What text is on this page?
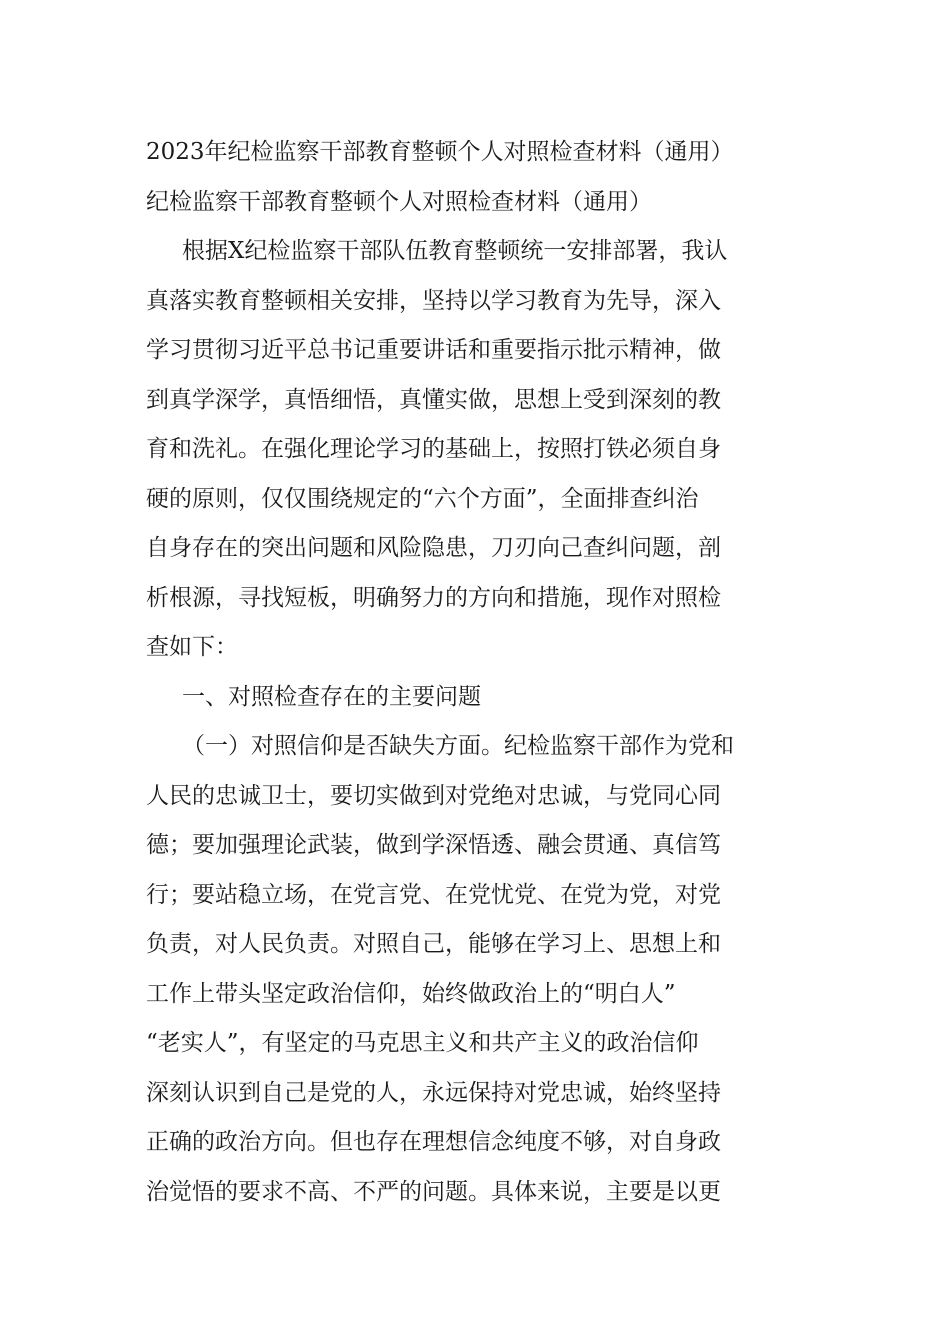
2023年纪检监察干部教育整顿个人对照检查材料（通用）
纪检监察干部教育整顿个人对照检查材料（通用）
根据X纪检监察干部队伍教育整顿统一安排部署，我认
真落实教育整顿相关安排，坚持以学习教育为先导，深入
学习贯彻习近平总书记重要讲话和重要指示批示精神，做
到真学深学，真悟细悟，真懂实做，思想上受到深刻的教
育和洗礼。在强化理论学习的基础上，按照打铁必须自身
硬的原则，仅仅围绕规定的“六个方面”，全面排查纠治
自身存在的突出问题和风险隐患，刀刃向己查纠问题，剖
析根源，寻找短板，明确努力的方向和措施，现作对照检
查如下：
一、对照检查存在的主要问题
（一）对照信仰是否缺失方面。纪检监察干部作为党和
人民的忠诚卫士，要切实做到对党绝对忠诚，与党同心同
德；要加强理论武装，做到学深悟透、融会贯通、真信笃
行；要站稳立场，在党言党、在党忧党、在党为党，对党
负责，对人民负责。对照自己，能够在学习上、思想上和
工作上带头坚定政治信仰，始终做政治上的“明白人”
“老实人”，有坚定的马克思主义和共产主义的政治信仰
深刻认识到自己是党的人，永远保持对党忠诚，始终坚持
正确的政治方向。但也存在理想信念纯度不够，对自身政
治觉悟的要求不高、不严的问题。具体来说，主要是以更
